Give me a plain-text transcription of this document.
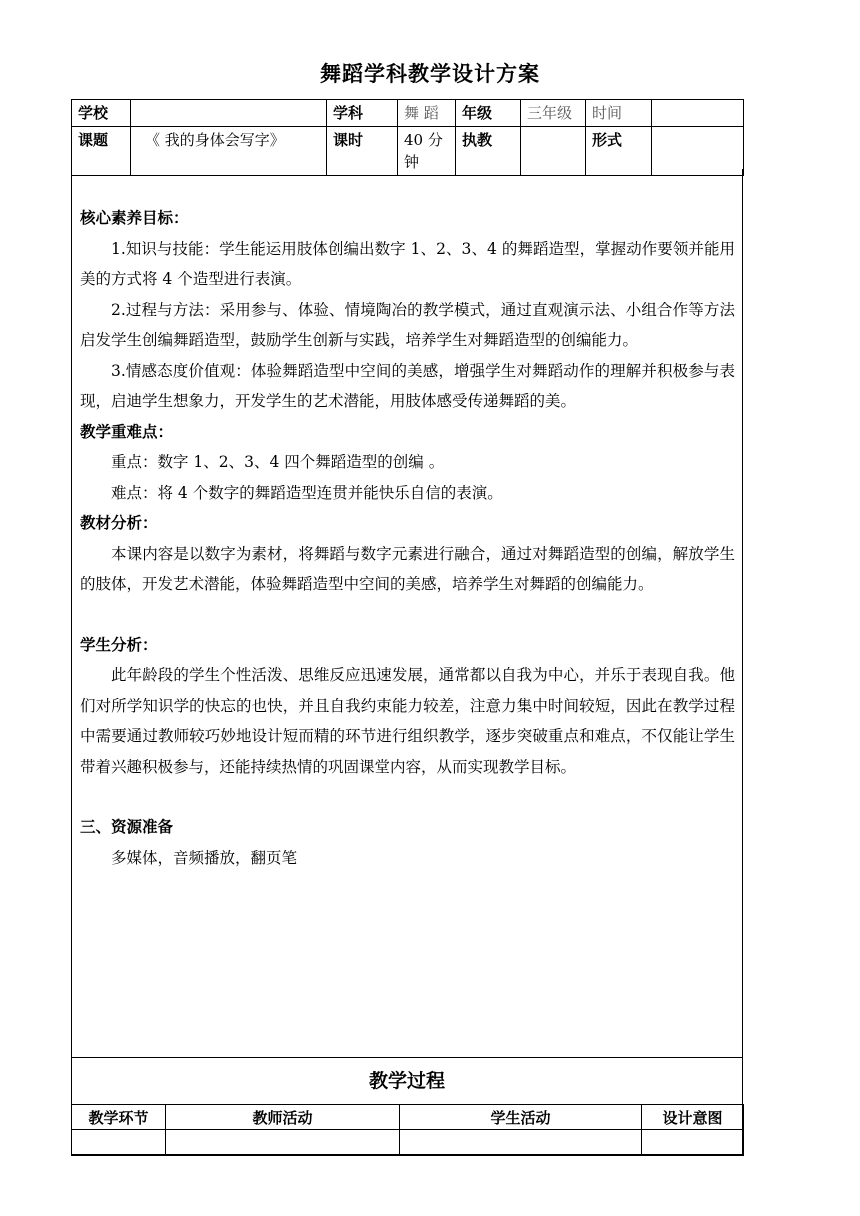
舞蹈学科教学设计方案
学校		学科	舞 蹈	年级	三年级	时间	
课题	《 我的身体会写字》	课时	40 分钟	执教		形式	
核心素养目标：
1.知识与技能：学生能运用肢体创编出数字 1、2、3、4 的舞蹈造型，掌握动作要领并能用美的方式将 4 个造型进行表演。
2.过程与方法：采用参与、体验、情境陶冶的教学模式，通过直观演示法、小组合作等方法启发学生创编舞蹈造型，鼓励学生创新与实践，培养学生对舞蹈造型的创编能力。
3.情感态度价值观：体验舞蹈造型中空间的美感，增强学生对舞蹈动作的理解并积极参与表现，启迪学生想象力，开发学生的艺术潜能，用肢体感受传递舞蹈的美。
教学重难点：
重点：数字 1、2、3、4 四个舞蹈造型的创编 。
难点：将 4 个数字的舞蹈造型连贯并能快乐自信的表演。
教材分析：
本课内容是以数字为素材，将舞蹈与数字元素进行融合，通过对舞蹈造型的创编，解放学生的肢体，开发艺术潜能，体验舞蹈造型中空间的美感，培养学生对舞蹈的创编能力。
学生分析：
此年龄段的学生个性活泼、思维反应迅速发展，通常都以自我为中心，并乐于表现自我。他们对所学知识学的快忘的也快，并且自我约束能力较差，注意力集中时间较短，因此在教学过程中需要通过教师较巧妙地设计短而精的环节进行组织教学，逐步突破重点和难点，不仅能让学生带着兴趣积极参与，还能持续热情的巩固课堂内容，从而实现教学目标。
三、资源准备
多媒体，音频播放，翻页笔
教学过程
教学环节	教师活动	学生活动	设计意图
